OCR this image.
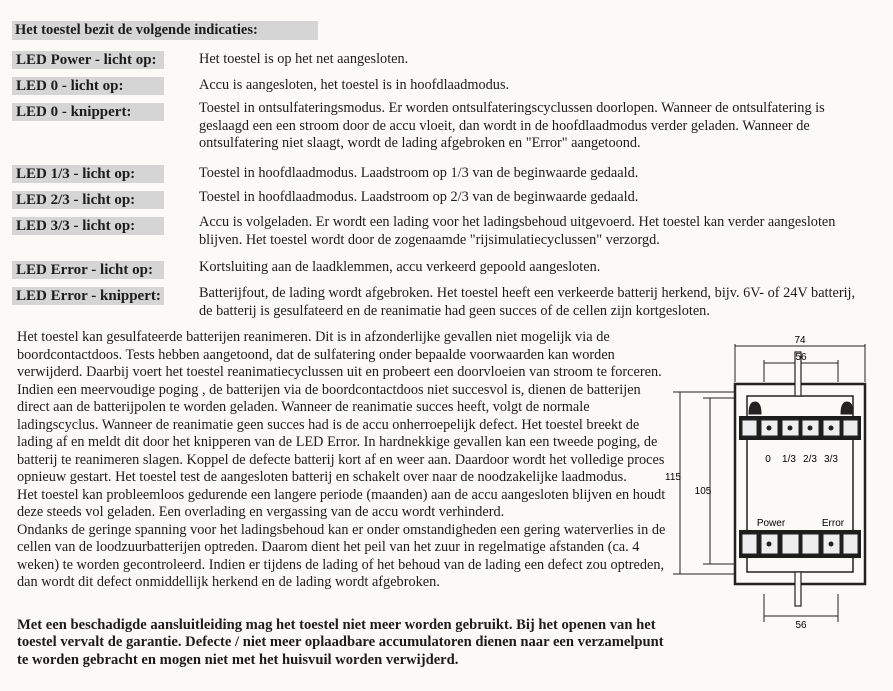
Het toestel bezit de volgende indicaties:
LED Power - licht op:	Het toestel is op het net aangesloten.
LED 0 - licht op:	Accu is aangesloten, het toestel is in hoofdlaadmodus.
LED 0 - knippert:	Toestel in ontsulfateringsmodus. Er worden ontsulfateringscyclussen doorlopen. Wanneer de ontsulfatering is geslaagd een een stroom door de accu vloeit, dan wordt in de hoofdlaadmodus verder geladen. Wanneer de ontsulfatering niet slaagt, wordt de lading afgebroken en "Error" aangetoond.
LED 1/3 - licht op:	Toestel in hoofdlaadmodus. Laadstroom op 1/3 van de beginwaarde gedaald.
LED 2/3 - licht op:	Toestel in hoofdlaadmodus. Laadstroom op 2/3 van de beginwaarde gedaald.
LED 3/3 - licht op:	Accu is volgeladen. Er wordt een lading voor het ladingsbehoud uitgevoerd. Het toestel kan verder aangesloten blijven. Het toestel wordt door de zogenaamde "rijsimulatiecyclussen" verzorgd.
LED Error - licht op:	Kortsluiting aan de laadklemmen, accu verkeerd gepoold aangesloten.
LED Error - knippert:	Batterijfout, de lading wordt afgebroken. Het toestel heeft een verkeerde batterij herkend, bijv. 6V- of 24V batterij, de batterij is gesulfateerd en de reanimatie had geen succes of de cellen zijn kortgesloten.

Het toestel kan gesulfateerde batterijen reanimeren. Dit is in afzonderlijke gevallen niet mogelijk via de boordcontactdoos. Tests hebben aangetoond, dat de sulfatering onder bepaalde voorwaarden kan worden verwijderd. Daarbij voert het toestel reanimatiecyclussen uit en probeert een doorvloeien van stroom te forceren. Indien een meervoudige poging , de batterijen via de boordcontactdoos niet succesvol is, dienen de batterijen direct aan de batterijpolen te worden geladen. Wanneer de reanimatie succes heeft, volgt de normale ladingscyclus. Wanneer de reanimatie geen succes had is de accu onherroepelijk defect. Het toestel breekt de lading af en meldt dit door het knipperen van de LED Error. In hardnekkige gevallen kan een tweede poging, de batterij te reanimeren slagen. Koppel de defecte batterij kort af en weer aan. Daardoor wordt het volledige proces opnieuw gestart. Het toestel test de aangesloten batterij en schakelt over naar de noodzakelijke laadmodus.

Het toestel kan probleemloos gedurende een langere periode (maanden) aan de accu aangesloten blijven en houdt deze steeds vol geladen. Een overlading en vergassing van de accu wordt verhinderd.

Ondanks de geringe spanning voor het ladingsbehoud kan er onder omstandigheden een gering waterverlies in de cellen van de loodzuurbatterijen optreden. Daarom dient het peil van het zuur in regelmatige afstanden (ca. 4 weken) te worden gecontroleerd. Indien er tijdens de lading of het behoud van de lading een defect zou optreden, dan wordt dit defect onmiddellijk herkend en de lading wordt afgebroken.

Met een beschadigde aansluitleiding mag het toestel niet meer worden gebruikt. Bij het openen van het toestel vervalt de garantie. Defecte / niet meer oplaadbare accumulatoren dienen naar een verzamelpunt te worden gebracht en mogen niet met het huisvuil worden verwijderd.
0 1/3 2/3 3/3
Power	Error
74
56
115
105
56
